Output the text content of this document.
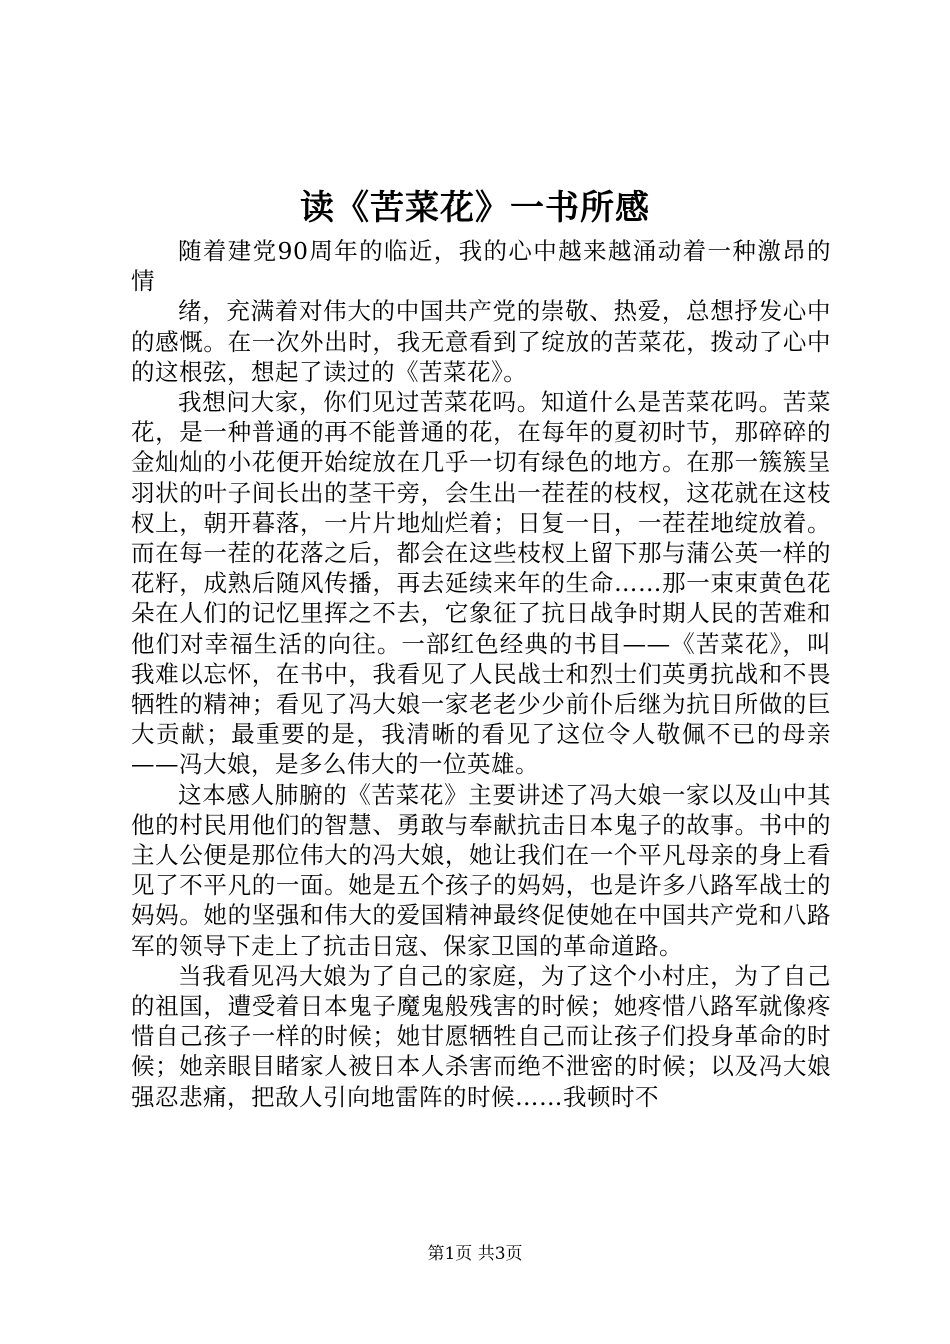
读《苦菜花》一书所感

随着建党90周年的临近，我的心中越来越涌动着一种激昂的情

绪，充满着对伟大的中国共产党的崇敬、热爱，总想抒发心中的感慨。在一次外出时，我无意看到了绽放的苦菜花，拨动了心中的这根弦，想起了读过的《苦菜花》。

我想问大家，你们见过苦菜花吗。知道什么是苦菜花吗。苦菜花，是一种普通的再不能普通的花，在每年的夏初时节，那碎碎的金灿灿的小花便开始绽放在几乎一切有绿色的地方。在那一簇簇呈羽状的叶子间长出的茎干旁，会生出一茬茬的枝杈，这花就在这枝杈上，朝开暮落，一片片地灿烂着；日复一日，一茬茬地绽放着。而在每一茬的花落之后，都会在这些枝杈上留下那与蒲公英一样的花籽，成熟后随风传播，再去延续来年的生命……那一束束黄色花朵在人们的记忆里挥之不去，它象征了抗日战争时期人民的苦难和他们对幸福生活的向往。一部红色经典的书目——《苦菜花》，叫我难以忘怀，在书中，我看见了人民战士和烈士们英勇抗战和不畏牺牲的精神；看见了冯大娘一家老老少少前仆后继为抗日所做的巨大贡献；最重要的是，我清晰的看见了这位令人敬佩不已的母亲——冯大娘，是多么伟大的一位英雄。

这本感人肺腑的《苦菜花》主要讲述了冯大娘一家以及山中其他的村民用他们的智慧、勇敢与奉献抗击日本鬼子的故事。书中的主人公便是那位伟大的冯大娘，她让我们在一个平凡母亲的身上看见了不平凡的一面。她是五个孩子的妈妈，也是许多八路军战士的妈妈。她的坚强和伟大的爱国精神最终促使她在中国共产党和八路军的领导下走上了抗击日寇、保家卫国的革命道路。

当我看见冯大娘为了自己的家庭，为了这个小村庄，为了自己的祖国，遭受着日本鬼子魔鬼般残害的时候；她疼惜八路军就像疼惜自己孩子一样的时候；她甘愿牺牲自己而让孩子们投身革命的时候；她亲眼目睹家人被日本人杀害而绝不泄密的时候；以及冯大娘强忍悲痛，把敌人引向地雷阵的时候……我顿时不

第1页 共3页
